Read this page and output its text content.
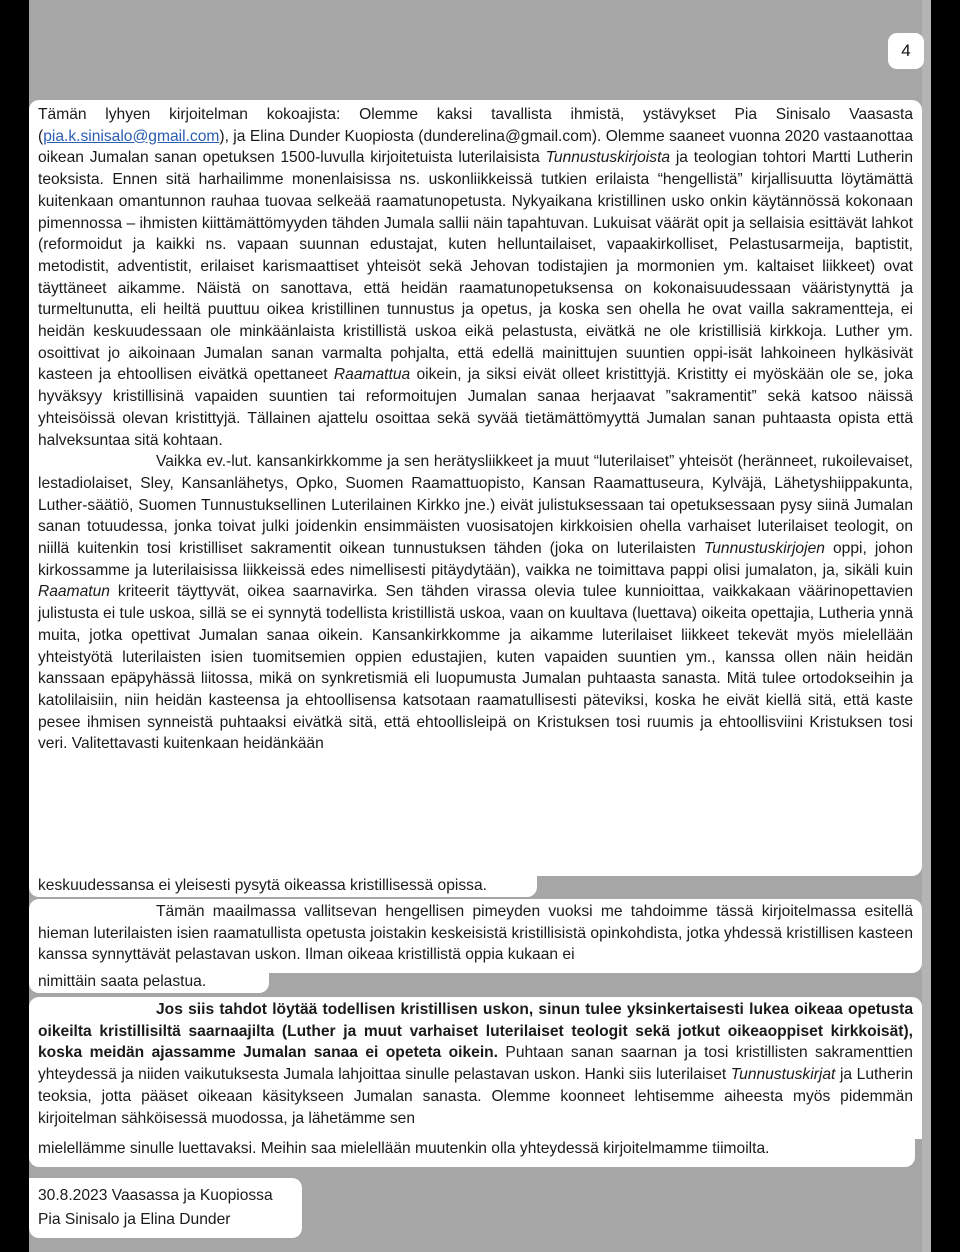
4

Tämän lyhyen kirjoitelman kokoajista: Olemme kaksi tavallista ihmistä, ystävykset Pia Sinisalo Vaasasta (pia.k.sinisalo@gmail.com), ja Elina Dunder Kuopiosta (dunderelina@gmail.com). Olemme saaneet vuonna 2020 vastaanottaa oikean Jumalan sanan opetuksen 1500-luvulla kirjoitetuista luterilaisista Tunnustuskirjoista ja teologian tohtori Martti Lutherin teoksista. Ennen sitä harhailimme monenlaisissa ns. uskonliikkeissä tutkien erilaista “hengellistä” kirjallisuutta löytämättä kuitenkaan omantunnon rauhaa tuovaa selkeää raamatunopetusta. Nykyaikana kristillinen usko onkin käytännössä kokonaan pimennossa – ihmisten kiittämättömyyden tähden Jumala sallii näin tapahtuvan. Lukuisat väärät opit ja sellaisia esittävät lahkot (reformoidut ja kaikki ns. vapaan suunnan edustajat, kuten helluntailaiset, vapaakirkolliset, Pelastusarmeija, baptistit, metodistit, adventistit, erilaiset karismaattiset yhteisöt sekä Jehovan todistajien ja mormonien ym. kaltaiset liikkeet) ovat täyttäneet aikamme. Näistä on sanottava, että heidän raamatunopetuksensa on kokonaisuudessaan vääristynyttä ja turmeltunutta, eli heiltä puuttuu oikea kristillinen tunnustus ja opetus, ja koska sen ohella he ovat vailla sakramentteja, ei heidän keskuudessaan ole minkäänlaista kristillistä uskoa eikä pelastusta, eivätkä ne ole kristillisiä kirkkoja. Luther ym. osoittivat jo aikoinaan Jumalan sanan varmalta pohjalta, että edellä mainittujen suuntien oppi-isät lahkoineen hylkäsivät kasteen ja ehtoollisen eivätkä opettaneet Raamattua oikein, ja siksi eivät olleet kristittyjä. Kristitty ei myöskään ole se, joka hyväksyy kristillisinä vapaiden suuntien tai reformoitujen Jumalan sanaa herjaavat ”sakramentit” sekä katsoo näissä yhteisöissä olevan kristittyjä. Tällainen ajattelu osoittaa sekä syvää tietämättömyyttä Jumalan sanan puhtaasta opista että halveksuntaa sitä kohtaan.

Vaikka ev.-lut. kansankirkkomme ja sen herätysliikkeet ja muut “luterilaiset” yhteisöt (heränneet, rukoilevaiset, lestadiolaiset, Sley, Kansanlähetys, Opko, Suomen Raamattuopisto, Kansan Raamattuseura, Kylväjä, Lähetyshiippakunta, Luther-säätiö, Suomen Tunnustuksellinen Luterilainen Kirkko jne.) eivät julistuksessaan tai opetuksessaan pysy siinä Jumalan sanan totuudessa, jonka toivat julki joidenkin ensimmäisten vuosisatojen kirkkoisien ohella varhaiset luterilaiset teologit, on niillä kuitenkin tosi kristilliset sakramentit oikean tunnustuksen tähden (joka on luterilaisten Tunnustuskirjojen oppi, johon kirkossamme ja luterilaisissa liikkeissä edes nimellisesti pitäydytään), vaikka ne toimittava pappi olisi jumalaton, ja, sikäli kuin Raamatun kriteerit täyttyvät, oikea saarnavirka. Sen tähden virassa olevia tulee kunnioittaa, vaikkakaan väärinopettavien julistusta ei tule uskoa, sillä se ei synnytä todellista kristillistä uskoa, vaan on kuultava (luettava) oikeita opettajia, Lutheria ynnä muita, jotka opettivat Jumalan sanaa oikein. Kansankirkkomme ja aikamme luterilaiset liikkeet tekevät myös mielellään yhteistyötä luterilaisten isien tuomitsemien oppien edustajien, kuten vapaiden suuntien ym., kanssa ollen näin heidän kanssaan epäpyhässä liitossa, mikä on synkretismiä eli luopumusta Jumalan puhtaasta sanasta. Mitä tulee ortodokseihin ja katolilaisiin, niin heidän kasteensa ja ehtoollisensa katsotaan raamatullisesti päteviksi, koska he eivät kiellä sitä, että kaste pesee ihmisen synneistä puhtaaksi eivätkä sitä, että ehtoollisleipä on Kristuksen tosi ruumis ja ehtoollisviini Kristuksen tosi veri. Valitettavasti kuitenkaan heidänkään

keskuudessansa ei yleisesti pysytä oikeassa kristillisessä opissa.

Tämän maailmassa vallitsevan hengellisen pimeyden vuoksi me tahdoimme tässä kirjoitelmassa esitellä hieman luterilaisten isien raamatullista opetusta joistakin keskeisistä kristillisistä opinkohdista, jotka yhdessä kristillisen kasteen kanssa synnyttävät pelastavan uskon. Ilman oikeaa kristillistä oppia kukaan ei

nimittäin saata pelastua.

Jos siis tahdot löytää todellisen kristillisen uskon, sinun tulee yksinkertaisesti lukea oikeaa opetusta oikeilta kristillisiltä saarnaajilta (Luther ja muut varhaiset luterilaiset teologit sekä jotkut oikeaoppiset kirkkoisät), koska meidän ajassamme Jumalan sanaa ei opeteta oikein. Puhtaan sanan saarnan ja tosi kristillisten sakramenttien yhteydessä ja niiden vaikutuksesta Jumala lahjoittaa sinulle pelastavan uskon. Hanki siis luterilaiset Tunnustuskirjat ja Lutherin teoksia, jotta pääset oikeaan käsitykseen Jumalan sanasta. Olemme koonneet lehtisemme aiheesta myös pidemmän kirjoitelman sähköisessä muodossa, ja lähetämme sen

mielellämme sinulle luettavaksi. Meihin saa mielellään muutenkin olla yhteydessä kirjoitelmamme tiimoilta.
30.8.2023 Vaasassa ja Kuopiossa
Pia Sinisalo ja Elina Dunder
